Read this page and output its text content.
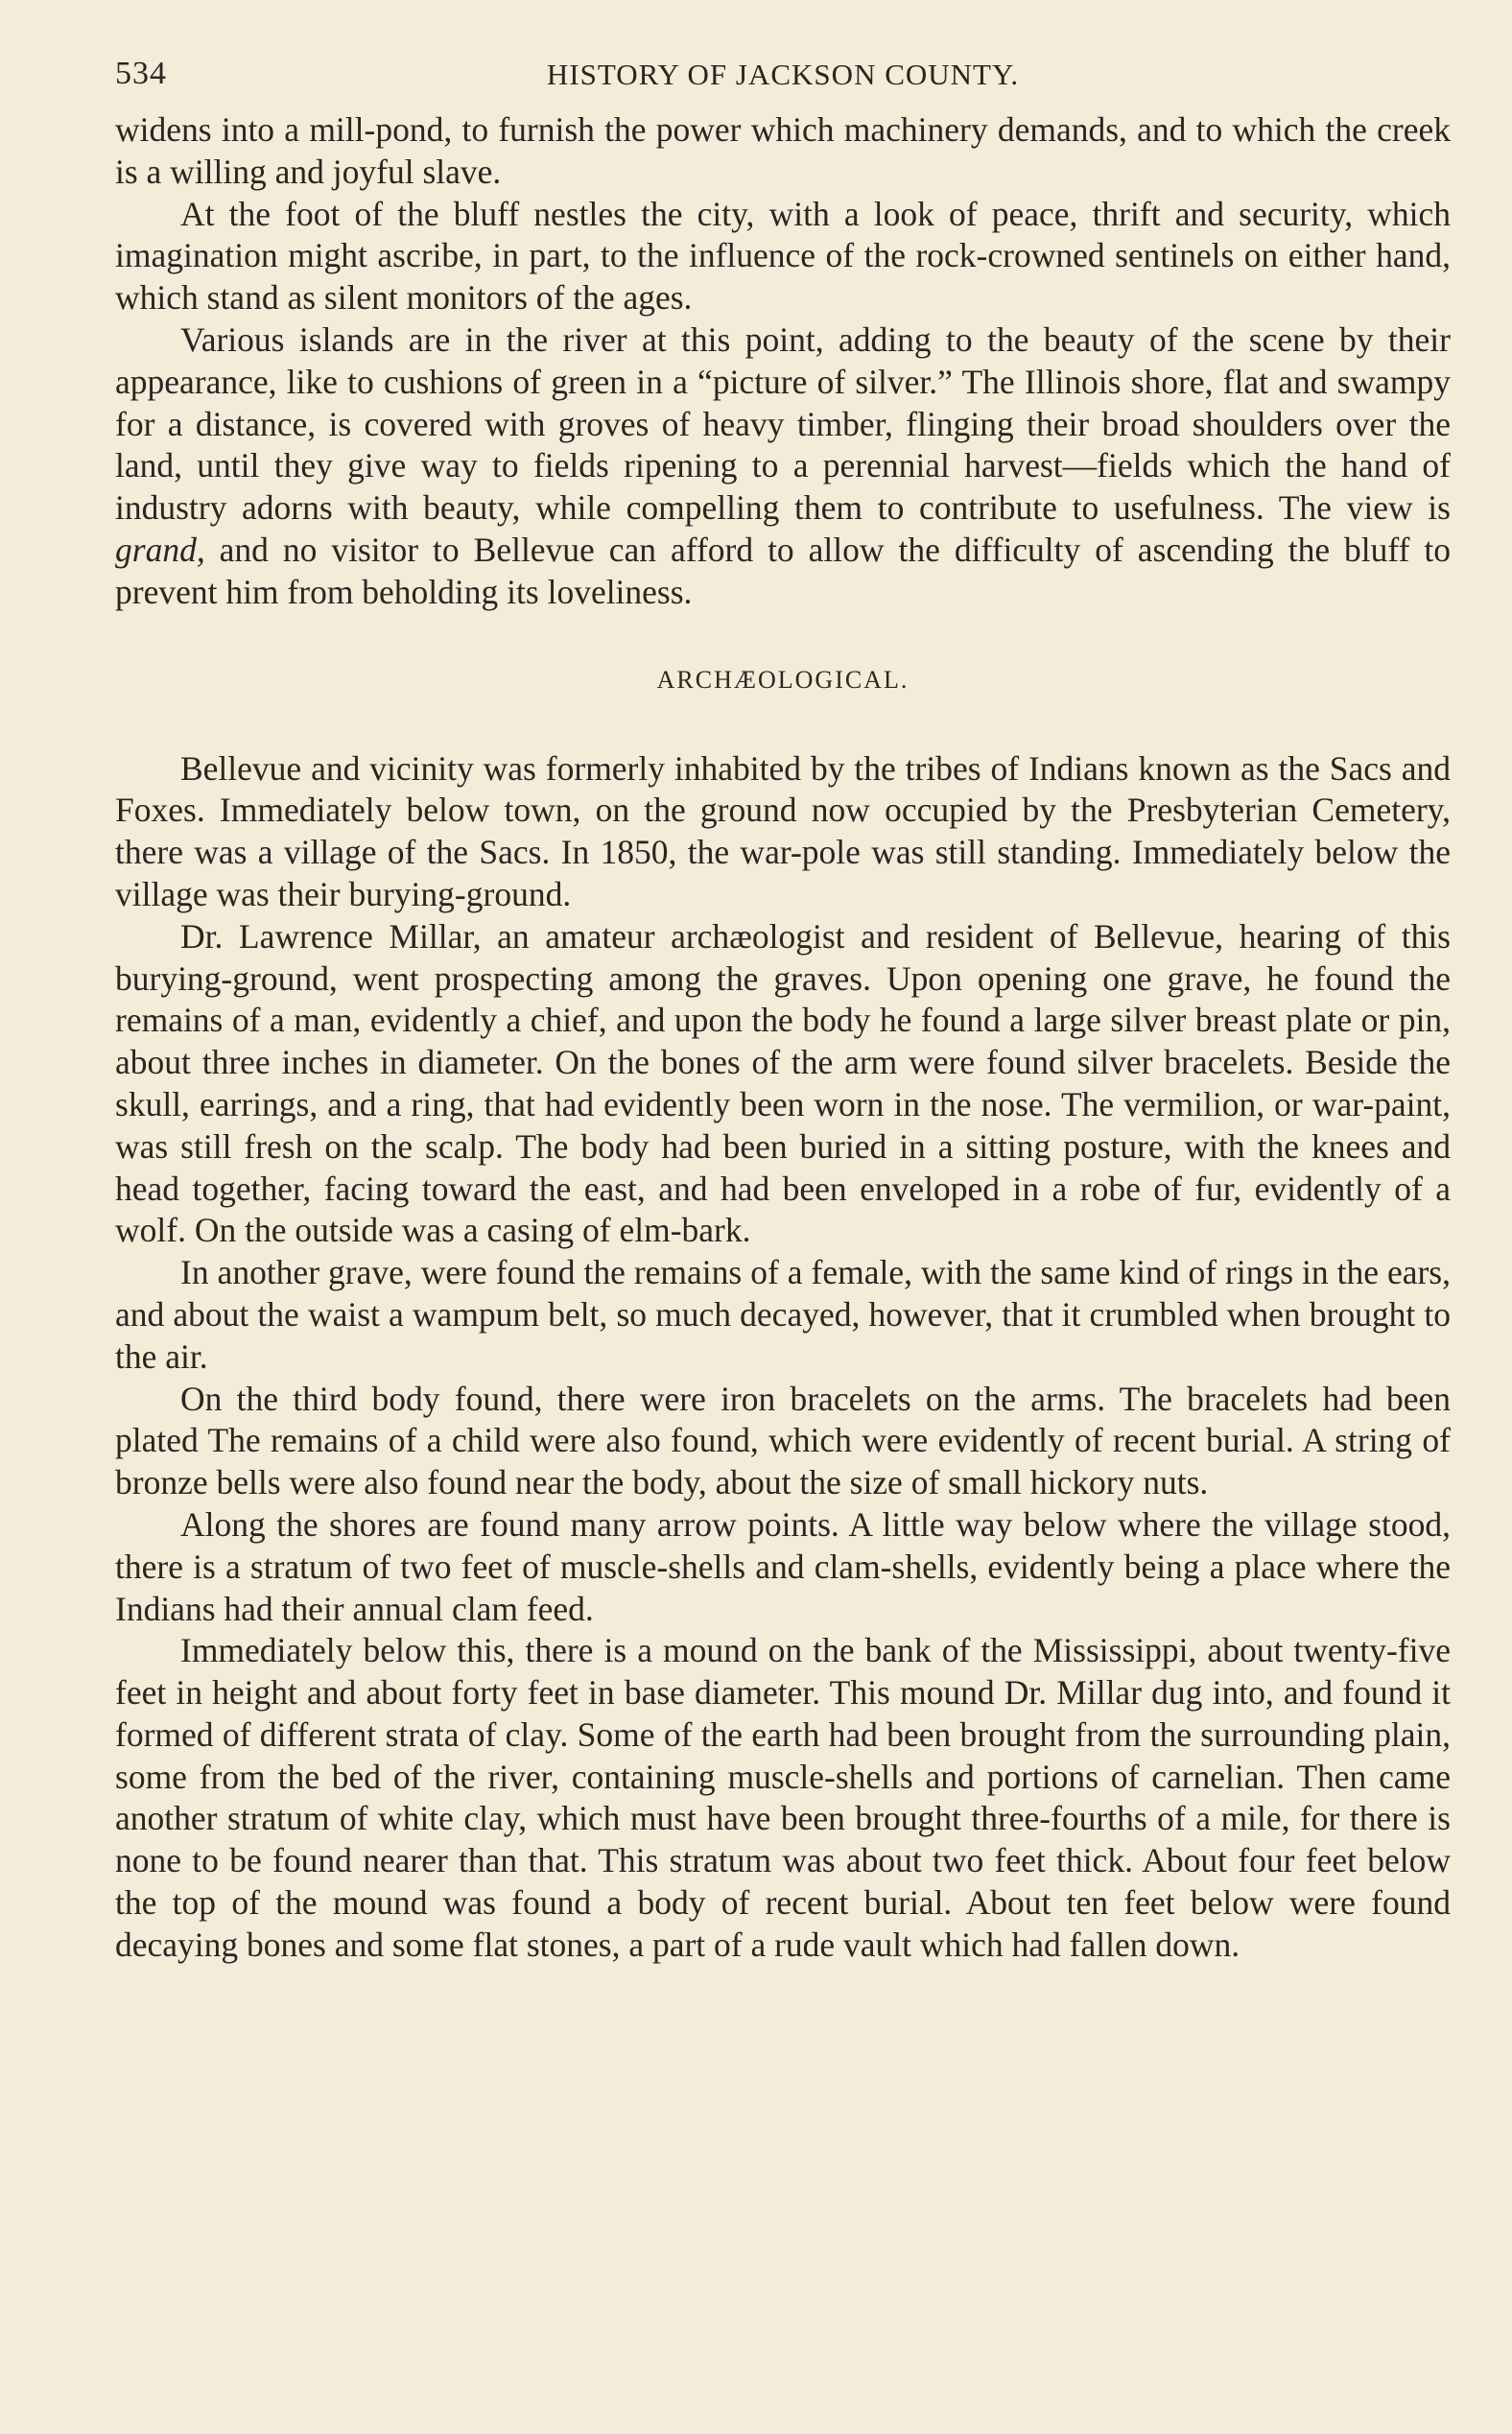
534	HISTORY OF JACKSON COUNTY.

widens into a mill-pond, to furnish the power which machinery demands, and to which the creek is a willing and joyful slave.

At the foot of the bluff nestles the city, with a look of peace, thrift and security, which imagination might ascribe, in part, to the influence of the rock-crowned sentinels on either hand, which stand as silent monitors of the ages.

Various islands are in the river at this point, adding to the beauty of the scene by their appearance, like to cushions of green in a “picture of silver.” The Illinois shore, flat and swampy for a distance, is covered with groves of heavy timber, flinging their broad shoulders over the land, until they give way to fields ripening to a perennial harvest—fields which the hand of industry adorns with beauty, while compelling them to contribute to usefulness. The view is grand, and no visitor to Bellevue can afford to allow the difficulty of ascending the bluff to prevent him from beholding its loveliness.

ARCHÆOLOGICAL.

Bellevue and vicinity was formerly inhabited by the tribes of Indians known as the Sacs and Foxes. Immediately below town, on the ground now occupied by the Presbyterian Cemetery, there was a village of the Sacs. In 1850, the war-pole was still standing. Immediately below the village was their burying-ground.

Dr. Lawrence Millar, an amateur archæologist and resident of Bellevue, hearing of this burying-ground, went prospecting among the graves. Upon opening one grave, he found the remains of a man, evidently a chief, and upon the body he found a large silver breast plate or pin, about three inches in diameter. On the bones of the arm were found silver bracelets. Beside the skull, earrings, and a ring, that had evidently been worn in the nose. The vermilion, or war-paint, was still fresh on the scalp. The body had been buried in a sitting posture, with the knees and head together, facing toward the east, and had been enveloped in a robe of fur, evidently of a wolf. On the outside was a casing of elm-bark.

In another grave, were found the remains of a female, with the same kind of rings in the ears, and about the waist a wampum belt, so much decayed, however, that it crumbled when brought to the air.

On the third body found, there were iron bracelets on the arms. The bracelets had been plated The remains of a child were also found, which were evidently of recent burial. A string of bronze bells were also found near the body, about the size of small hickory nuts.

Along the shores are found many arrow points. A little way below where the village stood, there is a stratum of two feet of muscle-shells and clam-shells, evidently being a place where the Indians had their annual clam feed.

Immediately below this, there is a mound on the bank of the Mississippi, about twenty-five feet in height and about forty feet in base diameter. This mound Dr. Millar dug into, and found it formed of different strata of clay. Some of the earth had been brought from the surrounding plain, some from the bed of the river, containing muscle-shells and portions of carnelian. Then came another stratum of white clay, which must have been brought three-fourths of a mile, for there is none to be found nearer than that. This stratum was about two feet thick. About four feet below the top of the mound was found a body of recent burial. About ten feet below were found decaying bones and some flat stones, a part of a rude vault which had fallen down.
